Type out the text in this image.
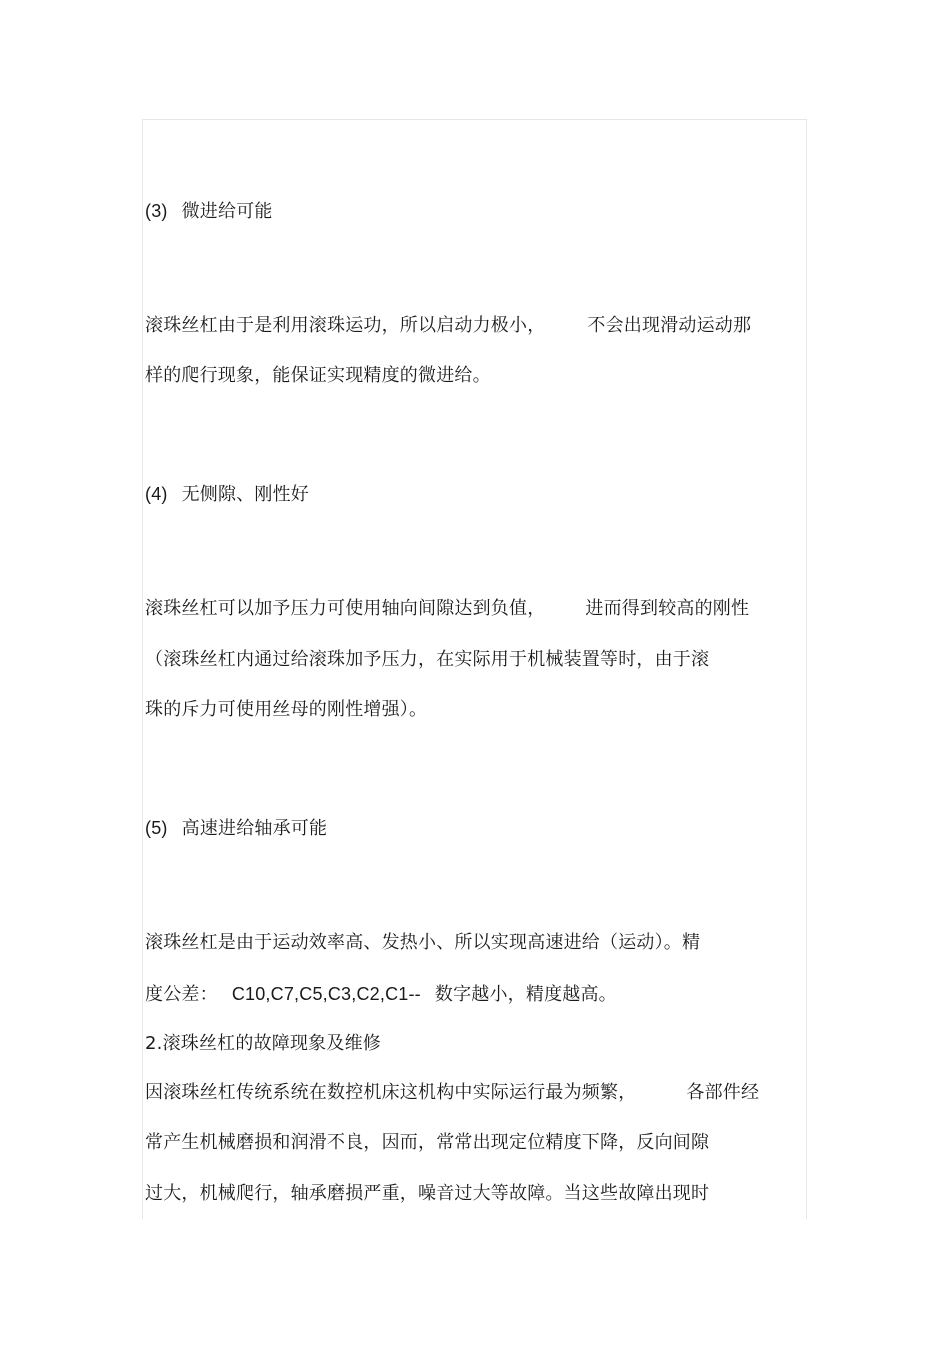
(3) 微进给可能
滚珠丝杠由于是利用滚珠运功，所以启动力极小， 不会出现滑动运动那
样的爬行现象，能保证实现精度的微进给。
(4) 无侧隙、刚性好
滚珠丝杠可以加予压力可使用轴向间隙达到负值， 进而得到较高的刚性
（滚珠丝杠内通过给滚珠加予压力，在实际用于机械装置等时，由于滚
珠的斥力可使用丝母的刚性增强）。
(5) 高速进给轴承可能
滚珠丝杠是由于运动效率高、发热小、所以实现高速进给（运动）。精
度公差： C10,C7,C5,C3,C2,C1-- 数字越小，精度越高。
2.滚珠丝杠的故障现象及维修
因滚珠丝杠传统系统在数控机床这机构中实际运行最为频繁，	各部件经
常产生机械磨损和润滑不良，因而，常常出现定位精度下降，反向间隙
过大，机械爬行，轴承磨损严重，噪音过大等故障。当这些故障出现时
